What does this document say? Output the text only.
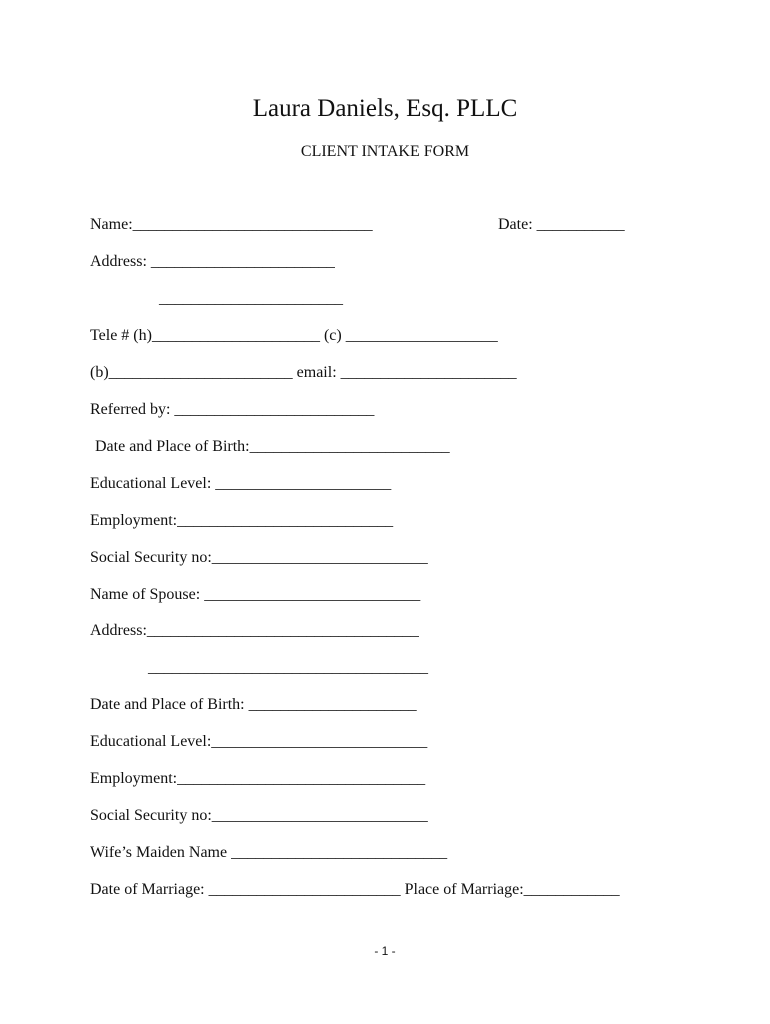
Laura Daniels, Esq. PLLC
CLIENT INTAKE FORM
Name:______________________________	Date: ___________
Address: _______________________
_______________________
Tele # (h)_____________________ (c) ___________________
(b)_______________________ email: ______________________
Referred by: _________________________
Date and Place of Birth:_________________________
Educational Level: ______________________
Employment:___________________________
Social Security no:___________________________
Name of Spouse: ___________________________
Address:__________________________________
___________________________________
Date and Place of Birth: _____________________
Educational Level:___________________________
Employment:_______________________________
Social Security no:___________________________
Wife’s Maiden Name ___________________________
Date of Marriage: ________________________ Place of Marriage:____________
- 1 -
